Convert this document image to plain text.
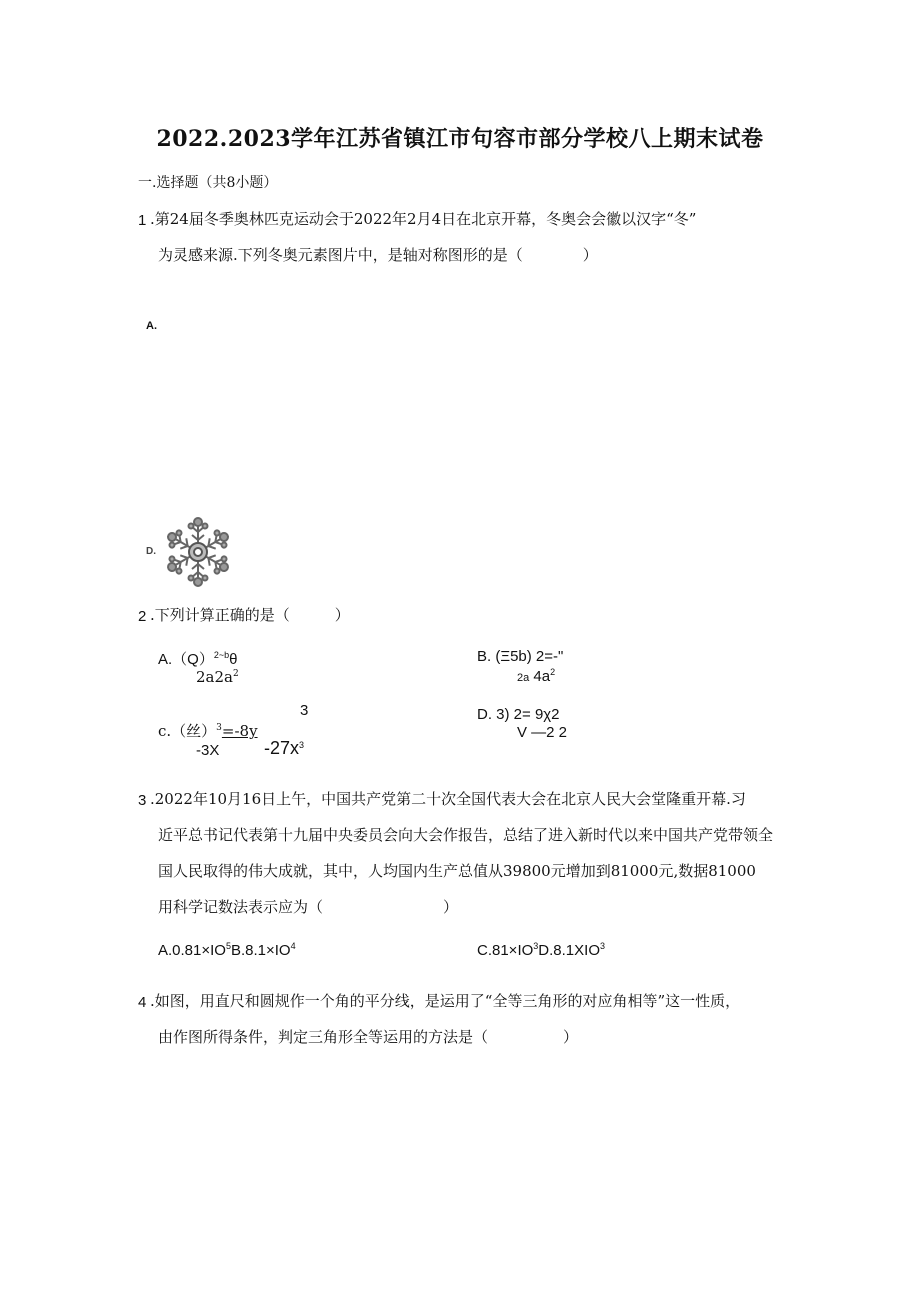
2022.2023学年江苏省镇江市句容市部分学校八上期末试卷
一.选择题（共8小题）
1 .第24届冬季奥林匹克运动会于2022年2月4日在北京开幕，冬奥会会徽以汉字“冬”
为灵感来源.下列冬奥元素图片中，是轴对称图形的是（　　　　）
A.
D.
2 .下列计算正确的是（　　　）
$A.(Q)^{2\sim b}\theta$
$2a2a^2$
B. (Ξ5b) 2=-"
2a $4a^2$
3
c.（丝）$^3$=-8y
-3X $-27x^3$
D. 3) 2= 9χ2
V —2 2
3 .2022年10月16日上午，中国共产党第二十次全国代表大会在北京人民大会堂隆重开幕.习
近平总书记代表第十九届中央委员会向大会作报告，总结了进入新时代以来中国共产党带领全
国人民取得的伟大成就，其中，人均国内生产总值从39800元增加到81000元,数据81000
用科学记数法表示应为（　　　　　　　　）
$A.0.81\times IO^5B.8.1\times IO^4$	$C.81\times IO^3D.8.1XIO^3$
4 .如图，用直尺和圆规作一个角的平分线，是运用了“全等三角形的对应角相等”这一性质，
由作图所得条件，判定三角形全等运用的方法是（　　　　　）
